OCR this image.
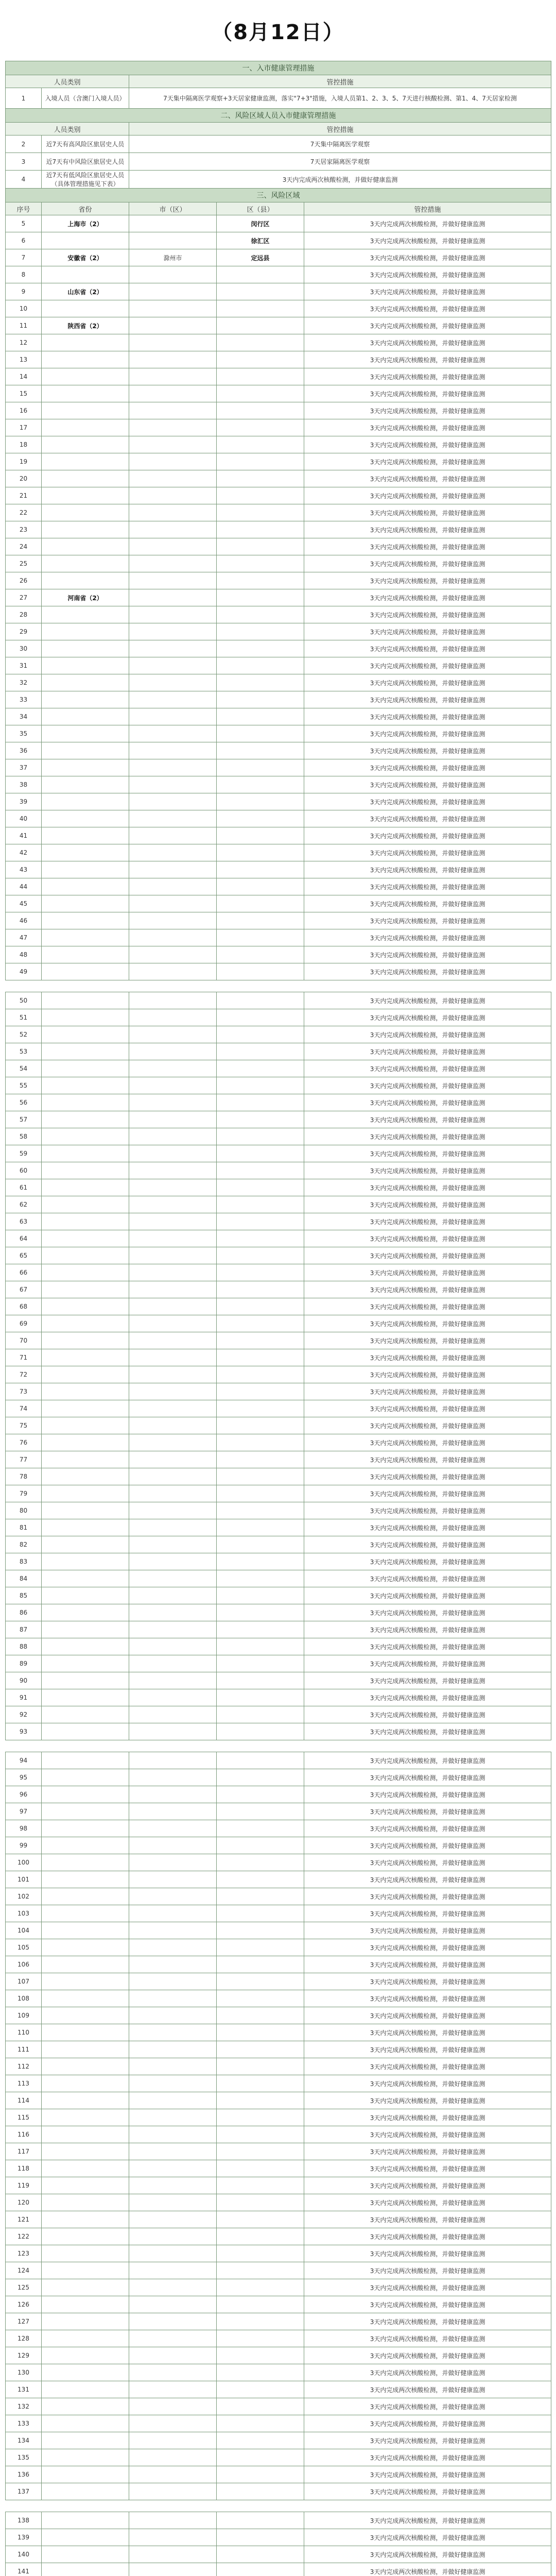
（8月12日）
一、入市健康管理措施				
人员类别		管控措施		
1	入境人员（含澳门入境人员）	7天集中隔离医学观察+3天居家健康监测，落实"7+3"措施，入境人员第1、2、3、5、7天进行核酸检测、第1、4、7天居家检测		
二、风险区域人员入市健康管理措施				
人员类别		管控措施		
2	近7天有高风险区旅居史人员	7天集中隔离医学观察		
3	近7天有中风险区旅居史人员	7天居家隔离医学观察		
4	近7天有低风险区旅居史人员（具体管理措施见下表）	3天内完成两次核酸检测，并做好健康监测		
三、风险区域				
序号	省份	市（区）	区（县）	管控措施
5	上海市（2）		闵行区	3天内完成两次核酸检测，并做好健康监测
6			徐汇区	3天内完成两次核酸检测，并做好健康监测
7	安徽省（2）	滁州市	定远县	3天内完成两次核酸检测，并做好健康监测
8				3天内完成两次核酸检测，并做好健康监测
9	山东省（2）			3天内完成两次核酸检测，并做好健康监测
10				3天内完成两次核酸检测，并做好健康监测
11	陕西省（2）			3天内完成两次核酸检测，并做好健康监测
12				3天内完成两次核酸检测，并做好健康监测
13				3天内完成两次核酸检测，并做好健康监测
14				3天内完成两次核酸检测，并做好健康监测
15				3天内完成两次核酸检测，并做好健康监测
16				3天内完成两次核酸检测，并做好健康监测
17				3天内完成两次核酸检测，并做好健康监测
18				3天内完成两次核酸检测，并做好健康监测
19				3天内完成两次核酸检测，并做好健康监测
20				3天内完成两次核酸检测，并做好健康监测
21				3天内完成两次核酸检测，并做好健康监测
22				3天内完成两次核酸检测，并做好健康监测
23				3天内完成两次核酸检测，并做好健康监测
24				3天内完成两次核酸检测，并做好健康监测
25				3天内完成两次核酸检测，并做好健康监测
26				3天内完成两次核酸检测，并做好健康监测
27	河南省（2）			3天内完成两次核酸检测，并做好健康监测
28				3天内完成两次核酸检测，并做好健康监测
29				3天内完成两次核酸检测，并做好健康监测
30				3天内完成两次核酸检测，并做好健康监测
31				3天内完成两次核酸检测，并做好健康监测
32				3天内完成两次核酸检测，并做好健康监测
33				3天内完成两次核酸检测，并做好健康监测
34				3天内完成两次核酸检测，并做好健康监测
35				3天内完成两次核酸检测，并做好健康监测
36				3天内完成两次核酸检测，并做好健康监测
37				3天内完成两次核酸检测，并做好健康监测
38				3天内完成两次核酸检测，并做好健康监测
39				3天内完成两次核酸检测，并做好健康监测
40				3天内完成两次核酸检测，并做好健康监测
41				3天内完成两次核酸检测，并做好健康监测
42				3天内完成两次核酸检测，并做好健康监测
43				3天内完成两次核酸检测，并做好健康监测
44				3天内完成两次核酸检测，并做好健康监测
45				3天内完成两次核酸检测，并做好健康监测
46				3天内完成两次核酸检测，并做好健康监测
47				3天内完成两次核酸检测，并做好健康监测
48				3天内完成两次核酸检测，并做好健康监测
49				3天内完成两次核酸检测，并做好健康监测

50				3天内完成两次核酸检测，并做好健康监测
51				3天内完成两次核酸检测，并做好健康监测
52				3天内完成两次核酸检测，并做好健康监测
53				3天内完成两次核酸检测，并做好健康监测
54				3天内完成两次核酸检测，并做好健康监测
55				3天内完成两次核酸检测，并做好健康监测
56				3天内完成两次核酸检测，并做好健康监测
57				3天内完成两次核酸检测，并做好健康监测
58				3天内完成两次核酸检测，并做好健康监测
59				3天内完成两次核酸检测，并做好健康监测
60				3天内完成两次核酸检测，并做好健康监测
61				3天内完成两次核酸检测，并做好健康监测
62				3天内完成两次核酸检测，并做好健康监测
63				3天内完成两次核酸检测，并做好健康监测
64				3天内完成两次核酸检测，并做好健康监测
65				3天内完成两次核酸检测，并做好健康监测
66				3天内完成两次核酸检测，并做好健康监测
67				3天内完成两次核酸检测，并做好健康监测
68				3天内完成两次核酸检测，并做好健康监测
69				3天内完成两次核酸检测，并做好健康监测
70				3天内完成两次核酸检测，并做好健康监测
71				3天内完成两次核酸检测，并做好健康监测
72				3天内完成两次核酸检测，并做好健康监测
73				3天内完成两次核酸检测，并做好健康监测
74				3天内完成两次核酸检测，并做好健康监测
75				3天内完成两次核酸检测，并做好健康监测
76				3天内完成两次核酸检测，并做好健康监测
77				3天内完成两次核酸检测，并做好健康监测
78				3天内完成两次核酸检测，并做好健康监测
79				3天内完成两次核酸检测，并做好健康监测
80				3天内完成两次核酸检测，并做好健康监测
81				3天内完成两次核酸检测，并做好健康监测
82				3天内完成两次核酸检测，并做好健康监测
83				3天内完成两次核酸检测，并做好健康监测
84				3天内完成两次核酸检测，并做好健康监测
85				3天内完成两次核酸检测，并做好健康监测
86				3天内完成两次核酸检测，并做好健康监测
87				3天内完成两次核酸检测，并做好健康监测
88				3天内完成两次核酸检测，并做好健康监测
89				3天内完成两次核酸检测，并做好健康监测
90				3天内完成两次核酸检测，并做好健康监测
91				3天内完成两次核酸检测，并做好健康监测
92				3天内完成两次核酸检测，并做好健康监测
93				3天内完成两次核酸检测，并做好健康监测

94				3天内完成两次核酸检测，并做好健康监测
95				3天内完成两次核酸检测，并做好健康监测
96				3天内完成两次核酸检测，并做好健康监测
97				3天内完成两次核酸检测，并做好健康监测
98				3天内完成两次核酸检测，并做好健康监测
99				3天内完成两次核酸检测，并做好健康监测
100				3天内完成两次核酸检测，并做好健康监测
101				3天内完成两次核酸检测，并做好健康监测
102				3天内完成两次核酸检测，并做好健康监测
103				3天内完成两次核酸检测，并做好健康监测
104				3天内完成两次核酸检测，并做好健康监测
105				3天内完成两次核酸检测，并做好健康监测
106				3天内完成两次核酸检测，并做好健康监测
107				3天内完成两次核酸检测，并做好健康监测
108				3天内完成两次核酸检测，并做好健康监测
109				3天内完成两次核酸检测，并做好健康监测
110				3天内完成两次核酸检测，并做好健康监测
111				3天内完成两次核酸检测，并做好健康监测
112				3天内完成两次核酸检测，并做好健康监测
113				3天内完成两次核酸检测，并做好健康监测
114				3天内完成两次核酸检测，并做好健康监测
115				3天内完成两次核酸检测，并做好健康监测
116				3天内完成两次核酸检测，并做好健康监测
117				3天内完成两次核酸检测，并做好健康监测
118				3天内完成两次核酸检测，并做好健康监测
119				3天内完成两次核酸检测，并做好健康监测
120				3天内完成两次核酸检测，并做好健康监测
121				3天内完成两次核酸检测，并做好健康监测
122				3天内完成两次核酸检测，并做好健康监测
123				3天内完成两次核酸检测，并做好健康监测
124				3天内完成两次核酸检测，并做好健康监测
125				3天内完成两次核酸检测，并做好健康监测
126				3天内完成两次核酸检测，并做好健康监测
127				3天内完成两次核酸检测，并做好健康监测
128				3天内完成两次核酸检测，并做好健康监测
129				3天内完成两次核酸检测，并做好健康监测
130				3天内完成两次核酸检测，并做好健康监测
131				3天内完成两次核酸检测，并做好健康监测
132				3天内完成两次核酸检测，并做好健康监测
133				3天内完成两次核酸检测，并做好健康监测
134				3天内完成两次核酸检测，并做好健康监测
135				3天内完成两次核酸检测，并做好健康监测
136				3天内完成两次核酸检测，并做好健康监测
137				3天内完成两次核酸检测，并做好健康监测

138				3天内完成两次核酸检测，并做好健康监测
139				3天内完成两次核酸检测，并做好健康监测
140				3天内完成两次核酸检测，并做好健康监测
141				3天内完成两次核酸检测，并做好健康监测
